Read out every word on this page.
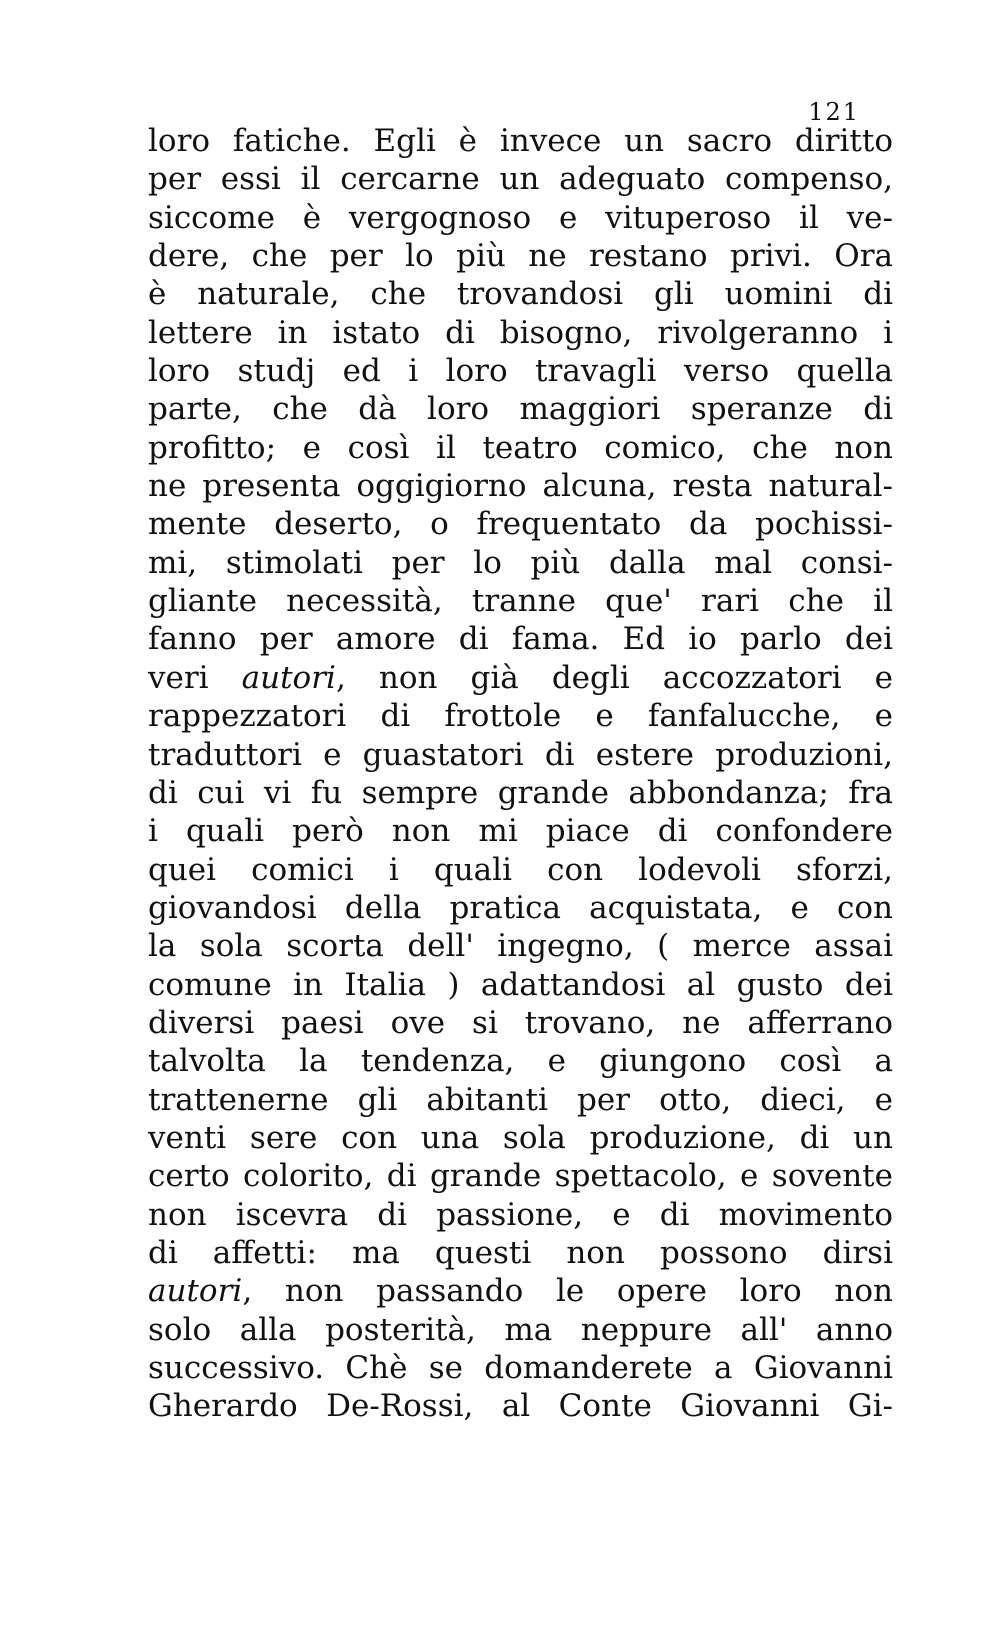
121
loro fatiche. Egli è invece un sacro diritto
per essi il cercarne un adeguato compenso,
siccome è vergognoso e vituperoso il ve-
dere, che per lo più ne restano privi. Ora
è naturale, che trovandosi gli uomini di
lettere in istato di bisogno, rivolgeranno i
loro studj ed i loro travagli verso quella
parte, che dà loro maggiori speranze di
profitto; e così il teatro comico, che non
ne presenta oggigiorno alcuna, resta natural-
mente deserto, o frequentato da pochissi-
mi, stimolati per lo più dalla mal consi-
gliante necessità, tranne que' rari che il
fanno per amore di fama. Ed io parlo dei
veri autori, non già degli accozzatori e
rappezzatori di frottole e fanfalucche, e
traduttori e guastatori di estere produzioni,
di cui vi fu sempre grande abbondanza; fra
i quali però non mi piace di confondere
quei comici i quali con lodevoli sforzi,
giovandosi della pratica acquistata, e con
la sola scorta dell' ingegno, ( merce assai
comune in Italia ) adattandosi al gusto dei
diversi paesi ove si trovano, ne afferrano
talvolta la tendenza, e giungono così a
trattenerne gli abitanti per otto, dieci, e
venti sere con una sola produzione, di un
certo colorito, di grande spettacolo, e sovente
non iscevra di passione, e di movimento
di affetti: ma questi non possono dirsi
autori, non passando le opere loro non
solo alla posterità, ma neppure all' anno
successivo. Chè se domanderete a Giovanni
Gherardo De-Rossi, al Conte Giovanni Gi-
